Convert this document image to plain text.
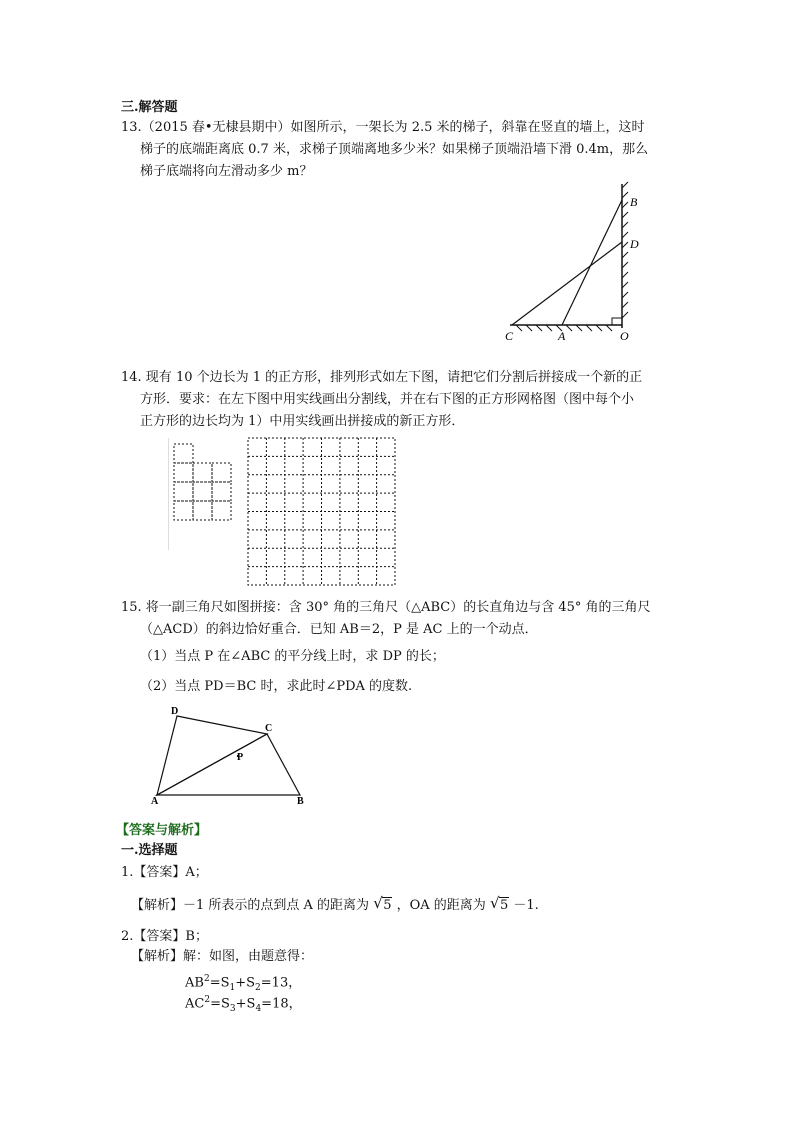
三.解答题
13.（2015 春•无棣县期中）如图所示，一架长为 2.5 米的梯子，斜靠在竖直的墙上，这时
梯子的底端距离底 0.7 米，求梯子顶端离地多少米？如果梯子顶端沿墙下滑 0.4m，那么
梯子底端将向左滑动多少 m？
B
D
C	A	O
14. 现有 10 个边长为 1 的正方形，排列形式如左下图，请把它们分割后拼接成一个新的正
方形．要求：在左下图中用实线画出分割线，并在右下图的正方形网格图（图中每个小
正方形的边长均为 1）中用实线画出拼接成的新正方形．
15. 将一副三角尺如图拼接：含 30° 角的三角尺（△ABC）的长直角边与含 45° 角的三角尺
（△ACD）的斜边恰好重合．已知 AB＝2，P 是 AC 上的一个动点．
（1）当点 P 在∠ABC 的平分线上时，求 DP 的长；
（2）当点 PD＝BC 时，求此时∠PDA 的度数.
D
C
P
A	B
【答案与解析】
一.选择题
1.【答案】A；
【解析】－1 所表示的点到点 A 的距离为 √ 5 ，OA 的距离为 √ 5 －1.
2.【答案】B；
【解析】解：如图，由题意得：
$AB^2=S_1+S_2=13$，
$AC^2=S_3+S_4=18$，
